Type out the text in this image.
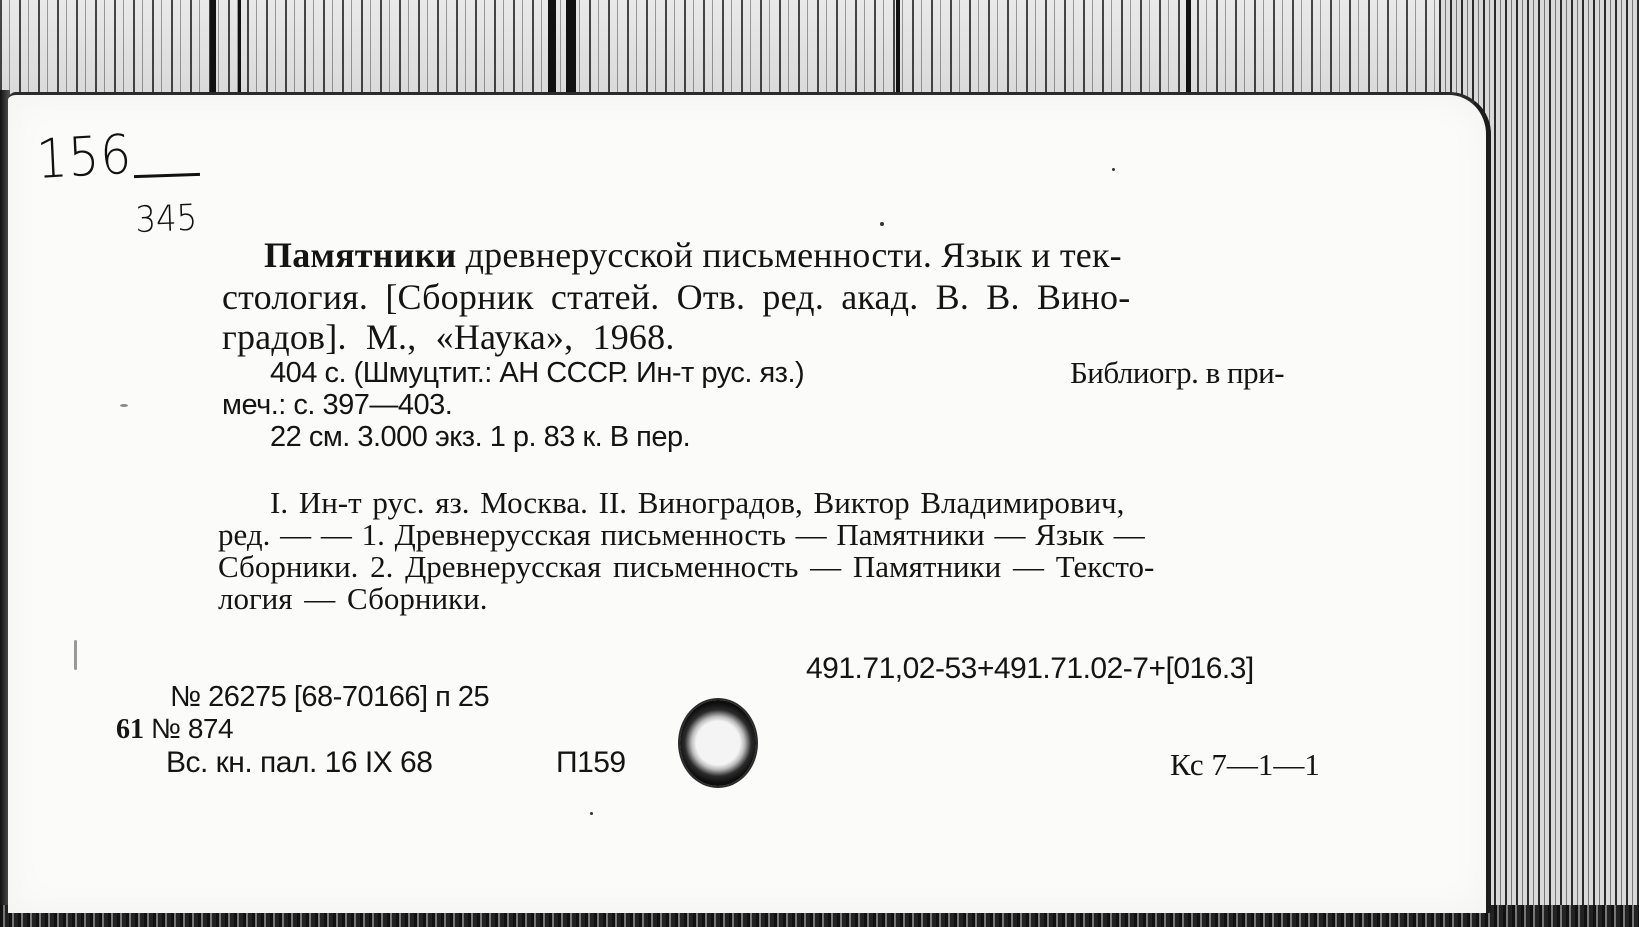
156
345
Памятники древнерусской письменности. Язык и тек-
стология. [Сборник статей. Отв. ред. акад. В. В. Вино-
градов]. М., «Наука», 1968.
404 с. (Шмуцтит.: АН СССР. Ин-т рус. яз.)	Библиогр. в при-
меч.: с. 397—403.
22 см. 3.000 экз. 1 р. 83 к. В пер.
I. Ин-т рус. яз. Москва. II. Виноградов, Виктор Владимирович,
ред. — — 1. Древнерусская письменность — Памятники — Язык —
Сборники. 2. Древнерусская письменность — Памятники — Тексто-
логия — Сборники.
491.71,02-53+491.71.02-7+[016.3]
№ 26275 [68-70166] п 25
61 № 874
Вс. кн. пал. 16 IX 68	П159	Кс 7—1—1
